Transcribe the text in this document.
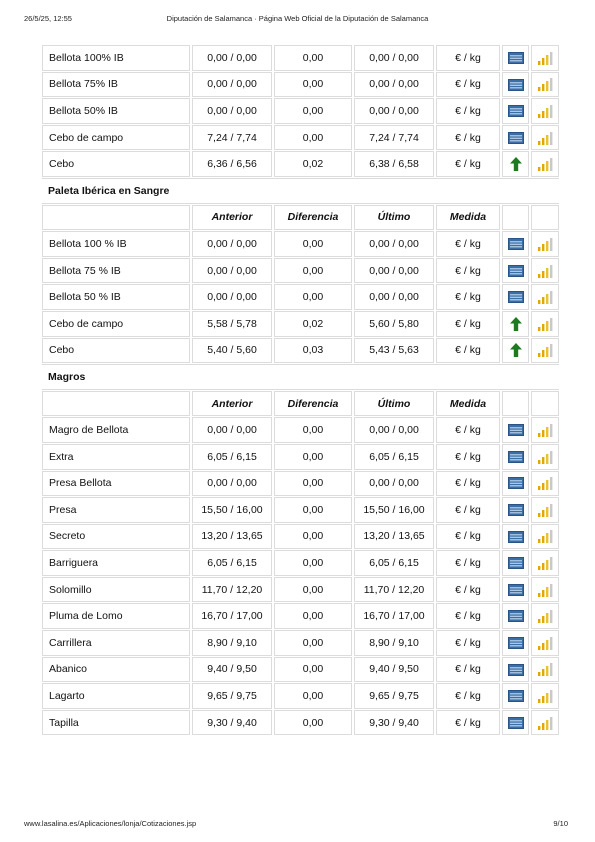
26/5/25, 12:55	Diputación de Salamanca · Página Web Oficial de la Diputación de Salamanca
Bellota 100% IB	0,00 / 0,00	0,00	0,00 / 0,00	€ / kg		
Bellota 75% IB	0,00 / 0,00	0,00	0,00 / 0,00	€ / kg		
Bellota 50% IB	0,00 / 0,00	0,00	0,00 / 0,00	€ / kg		
Cebo de campo	7,24 / 7,74	0,00	7,24 / 7,74	€ / kg		
Cebo	6,36 / 6,56	0,02	6,38 / 6,58	€ / kg		
Paleta Ibérica en Sangre						
	Anterior	Diferencia	Último	Medida		
Bellota 100 % IB	0,00 / 0,00	0,00	0,00 / 0,00	€ / kg		
Bellota 75 % IB	0,00 / 0,00	0,00	0,00 / 0,00	€ / kg		
Bellota 50 % IB	0,00 / 0,00	0,00	0,00 / 0,00	€ / kg		
Cebo de campo	5,58 / 5,78	0,02	5,60 / 5,80	€ / kg		
Cebo	5,40 / 5,60	0,03	5,43 / 5,63	€ / kg		
Magros						
	Anterior	Diferencia	Último	Medida		
Magro de Bellota	0,00 / 0,00	0,00	0,00 / 0,00	€ / kg		
Extra	6,05 / 6,15	0,00	6,05 / 6,15	€ / kg		
Presa Bellota	0,00 / 0,00	0,00	0,00 / 0,00	€ / kg		
Presa	15,50 / 16,00	0,00	15,50 / 16,00	€ / kg		
Secreto	13,20 / 13,65	0,00	13,20 / 13,65	€ / kg		
Barriguera	6,05 / 6,15	0,00	6,05 / 6,15	€ / kg		
Solomillo	11,70 / 12,20	0,00	11,70 / 12,20	€ / kg		
Pluma de Lomo	16,70 / 17,00	0,00	16,70 / 17,00	€ / kg		
Carrillera	8,90 / 9,10	0,00	8,90 / 9,10	€ / kg		
Abanico	9,40 / 9,50	0,00	9,40 / 9,50	€ / kg		
Lagarto	9,65 / 9,75	0,00	9,65 / 9,75	€ / kg		
Tapilla	9,30 / 9,40	0,00	9,30 / 9,40	€ / kg		
www.lasalina.es/Aplicaciones/lonja/Cotizaciones.jsp	9/10
